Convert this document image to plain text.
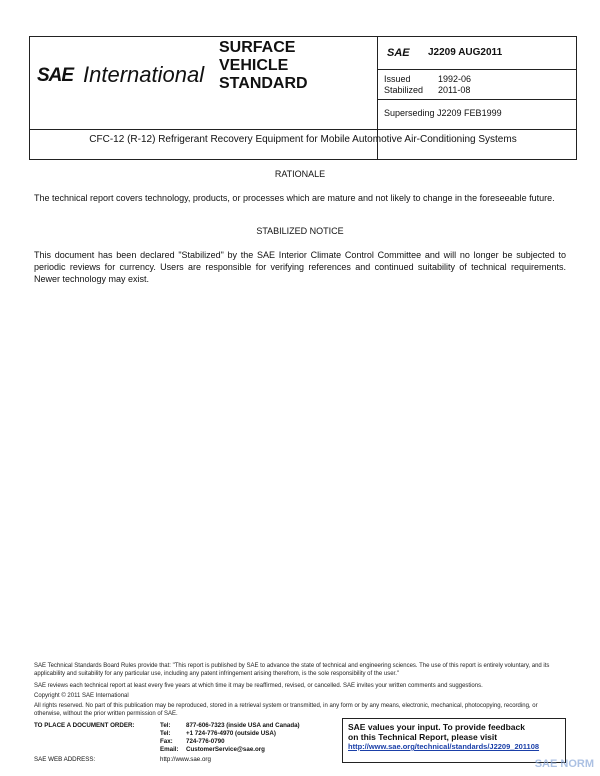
SAE International
SURFACE
VEHICLE
STANDARD
SAE J2209 AUG2011
Issued	1992-06
Stabilized 2011-08
Superseding J2209 FEB1999
CFC-12 (R-12) Refrigerant Recovery Equipment for Mobile Automotive Air-Conditioning Systems
RATIONALE
The technical report covers technology, products, or processes which are mature and not likely to change in the foreseeable future.
STABILIZED NOTICE
This document has been declared "Stabilized" by the SAE Interior Climate Control Committee and will no longer be subjected to periodic reviews for currency. Users are responsible for verifying references and continued suitability of technical requirements. Newer technology may exist.
SAE Technical Standards Board Rules provide that: "This report is published by SAE to advance the state of technical and engineering sciences. The use of this report is entirely voluntary, and its applicability and suitability for any particular use, including any patent infringement arising therefrom, is the sole responsibility of the user."
SAE reviews each technical report at least every five years at which time it may be reaffirmed, revised, or cancelled. SAE invites your written comments and suggestions.
Copyright © 2011 SAE International
All rights reserved. No part of this publication may be reproduced, stored in a retrieval system or transmitted, in any form or by any means, electronic, mechanical, photocopying, recording, or otherwise, without the prior written permission of SAE.
TO PLACE A DOCUMENT ORDER:	Tel: 877-606-7323 (inside USA and Canada)
Tel: +1 724-776-4970 (outside USA)
Fax: 724-776-0790
Email: CustomerService@sae.org
SAE WEB ADDRESS:	http://www.sae.org
SAE values your input. To provide feedback
on this Technical Report, please visit
http://www.sae.org/technical/standards/J2209_201108
SAE NORM
